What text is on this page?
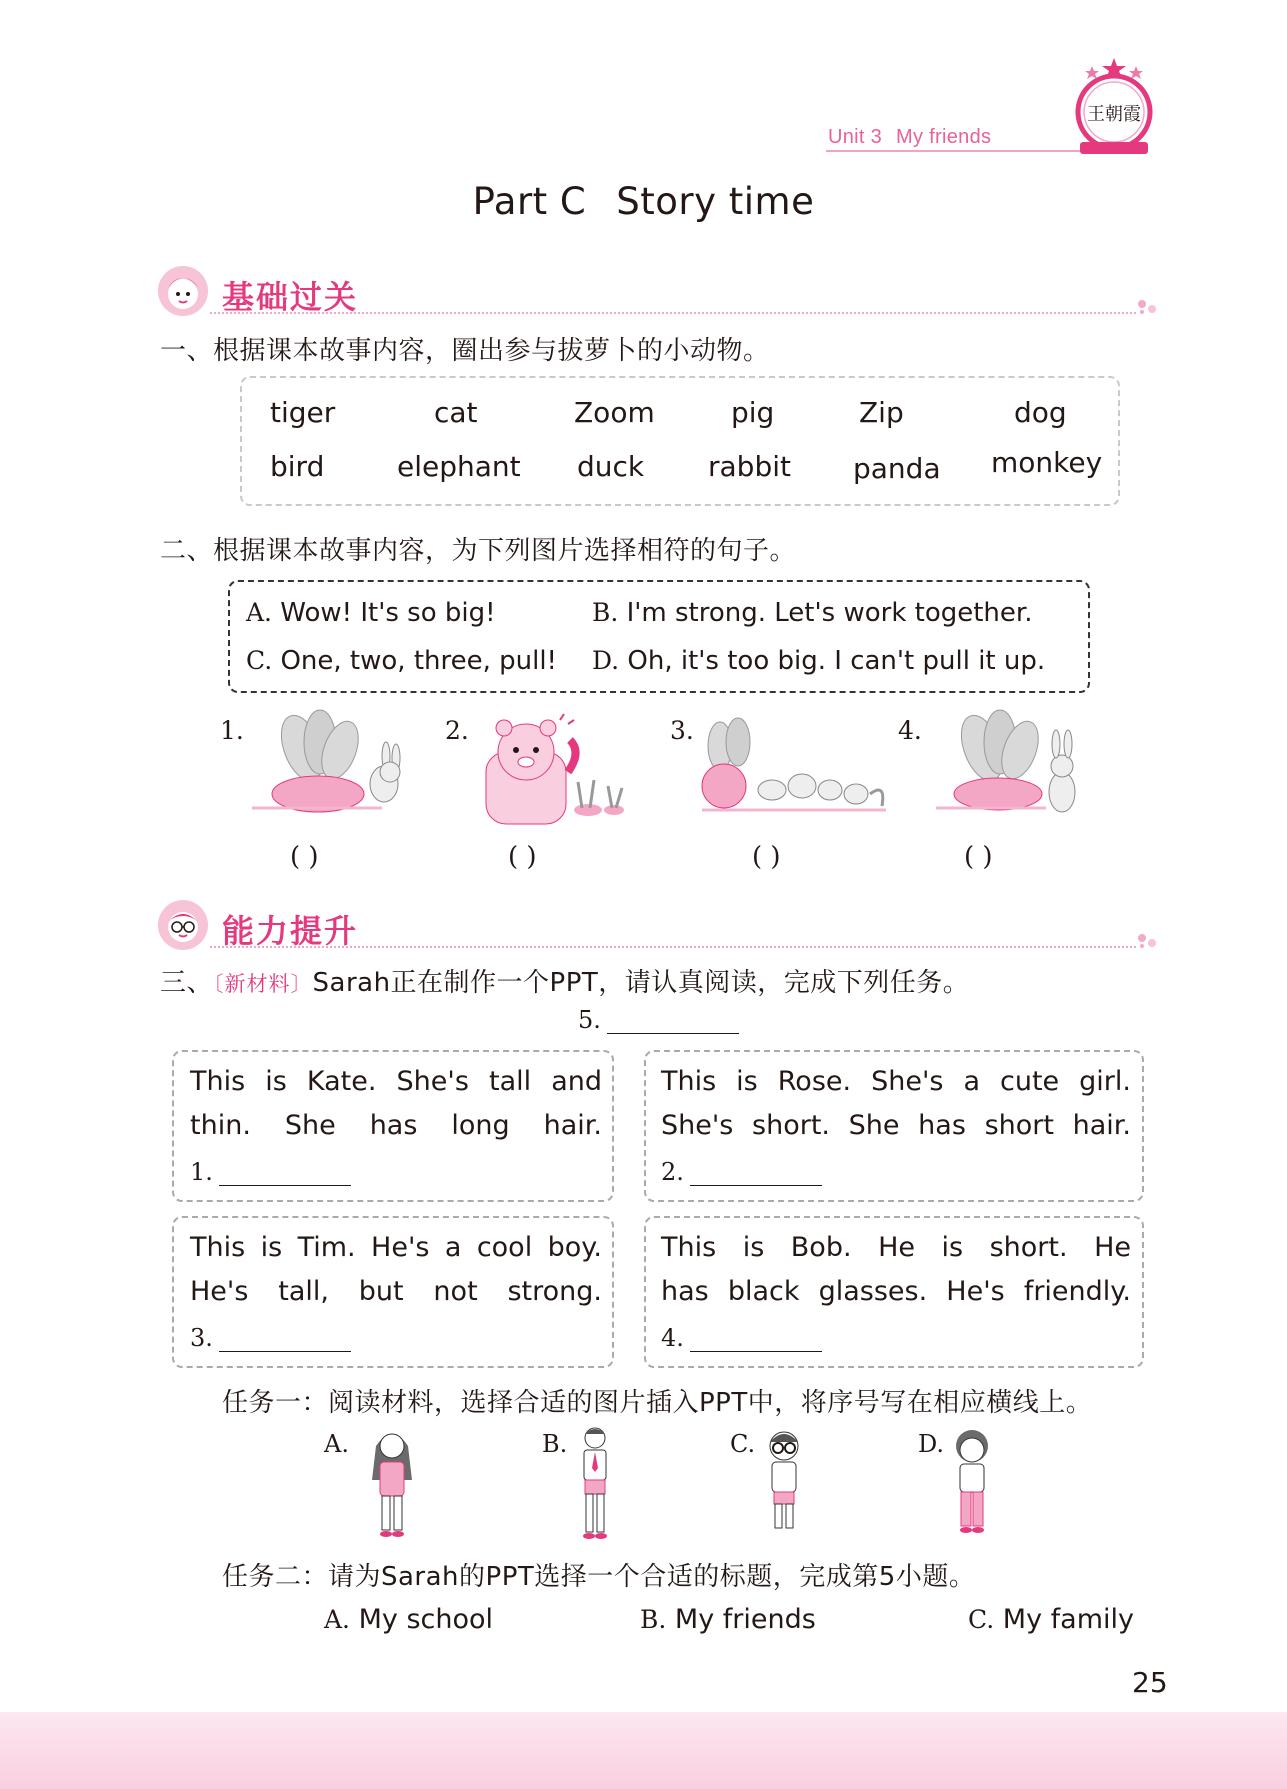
Unit 3 My friends
王朝霞
Part C Story time
基础过关
一、根据课本故事内容，圈出参与拔萝卜的小动物。
tiger	cat	Zoom	pig	Zip	dog
bird	elephant duck rabbit panda monkey
二、根据课本故事内容，为下列图片选择相符的句子。
A. Wow! It's so big!	B. I'm strong. Let's work together.
C. One, two, three, pull! D. Oh, it's too big. I can't pull it up.
1.
( )
2.
( )
3.
( )
4.
( )
能力提升
三、〔新材料〕Sarah正在制作一个PPT，请认真阅读，完成下列任务。
5.
This is Kate. She's tall and
thin. She has long hair.
1.
This is Rose. She's a cute girl.
She's short. She has short hair.
2.
This is Tim. He's a cool boy.
He's tall, but not strong.
3.
This is Bob. He is short. He
has black glasses. He's friendly.
4.
任务一：阅读材料，选择合适的图片插入PPT中，将序号写在相应横线上。
A.	B.	C.	D.
任务二：请为Sarah的PPT选择一个合适的标题，完成第5小题。
A. My school	B. My friends	C. My family
25
